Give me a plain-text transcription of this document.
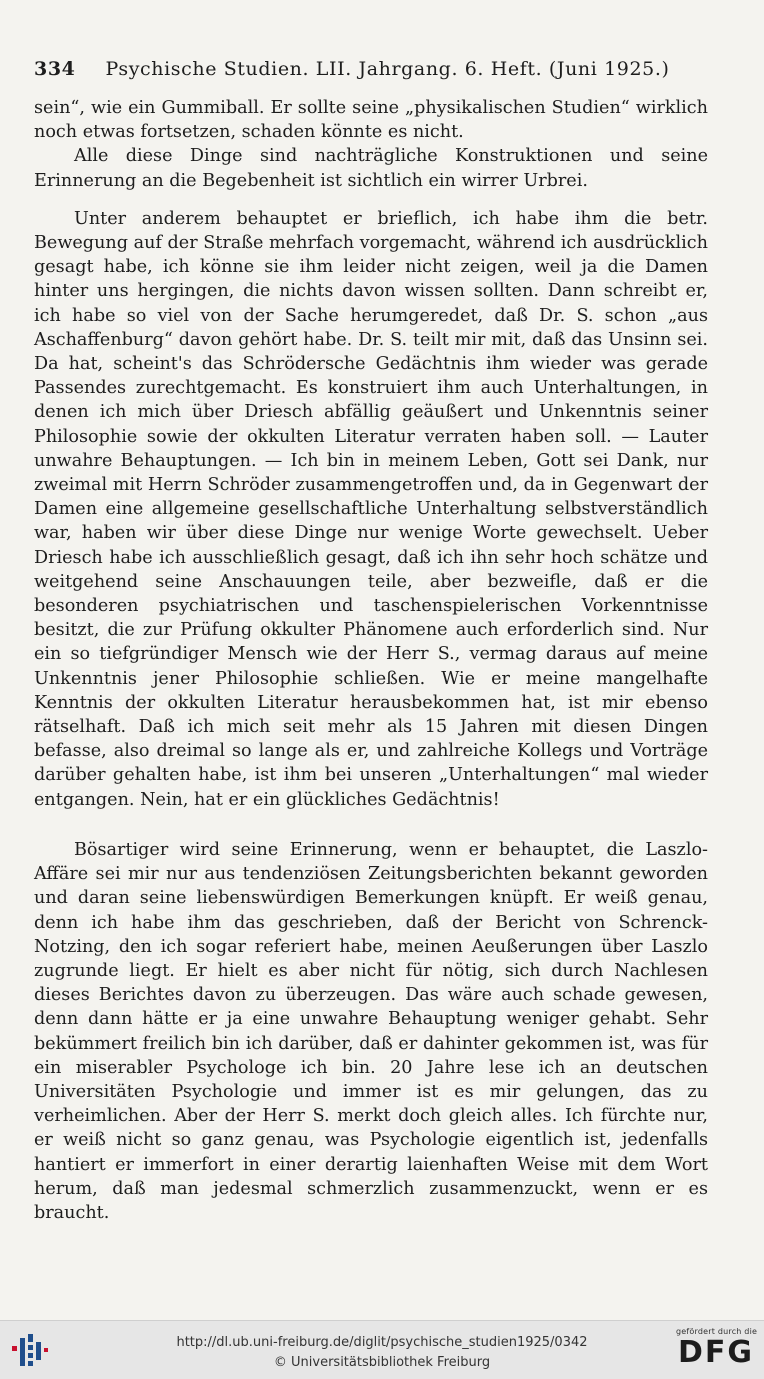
334 Psychische Studien. LII. Jahrgang. 6. Heft. (Juni 1925.)

sein“, wie ein Gummiball. Er sollte seine „physikalischen Studien“ wirklich noch etwas fortsetzen, schaden könnte es nicht.

Alle diese Dinge sind nachträgliche Konstruktionen und seine Erinnerung an die Begebenheit ist sichtlich ein wirrer Urbrei.

Unter anderem behauptet er brieflich, ich habe ihm die betr. Bewegung auf der Straße mehrfach vorgemacht, während ich ausdrücklich gesagt habe, ich könne sie ihm leider nicht zeigen, weil ja die Damen hinter uns hergingen, die nichts davon wissen sollten. Dann schreibt er, ich habe so viel von der Sache herumgeredet, daß Dr. S. schon „aus Aschaffenburg“ davon gehört habe. Dr. S. teilt mir mit, daß das Unsinn sei. Da hat, scheint's das Schrödersche Gedächtnis ihm wieder was gerade Passendes zurechtgemacht. Es konstruiert ihm auch Unterhaltungen, in denen ich mich über Driesch abfällig geäußert und Unkenntnis seiner Philosophie sowie der okkulten Literatur verraten haben soll. — Lauter unwahre Behauptungen. — Ich bin in meinem Leben, Gott sei Dank, nur zweimal mit Herrn Schröder zusammengetroffen und, da in Gegenwart der Damen eine allgemeine gesellschaftliche Unterhaltung selbstverständlich war, haben wir über diese Dinge nur wenige Worte gewechselt. Ueber Driesch habe ich ausschließlich gesagt, daß ich ihn sehr hoch schätze und weitgehend seine Anschauungen teile, aber bezweifle, daß er die besonderen psychiatrischen und taschenspielerischen Vorkenntnisse besitzt, die zur Prüfung okkulter Phänomene auch erforderlich sind. Nur ein so tiefgründiger Mensch wie der Herr S., vermag daraus auf meine Unkenntnis jener Philosophie schließen. Wie er meine mangelhafte Kenntnis der okkulten Literatur herausbekommen hat, ist mir ebenso rätselhaft. Daß ich mich seit mehr als 15 Jahren mit diesen Dingen befasse, also dreimal so lange als er, und zahlreiche Kollegs und Vorträge darüber gehalten habe, ist ihm bei unseren „Unterhaltungen“ mal wieder entgangen. Nein, hat er ein glückliches Gedächtnis!

Bösartiger wird seine Erinnerung, wenn er behauptet, die Laszlo-Affäre sei mir nur aus tendenziösen Zeitungsberichten bekannt geworden und daran seine liebenswürdigen Bemerkungen knüpft. Er weiß genau, denn ich habe ihm das geschrieben, daß der Bericht von Schrenck-Notzing, den ich sogar referiert habe, meinen Aeußerungen über Laszlo zugrunde liegt. Er hielt es aber nicht für nötig, sich durch Nachlesen dieses Berichtes davon zu überzeugen. Das wäre auch schade gewesen, denn dann hätte er ja eine unwahre Behauptung weniger gehabt. Sehr bekümmert freilich bin ich darüber, daß er dahinter gekommen ist, was für ein miserabler Psychologe ich bin. 20 Jahre lese ich an deutschen Universitäten Psychologie und immer ist es mir gelungen, das zu verheimlichen. Aber der Herr S. merkt doch gleich alles. Ich fürchte nur, er weiß nicht so ganz genau, was Psychologie eigentlich ist, jedenfalls hantiert er immerfort in einer derartig laienhaften Weise mit dem Wort herum, daß man jedesmal schmerzlich zusammenzuckt, wenn er es braucht.

http://dl.ub.uni-freiburg.de/diglit/psychische_studien1925/0342
© Universitätsbibliothek Freiburg
gefördert durch die
DFG
